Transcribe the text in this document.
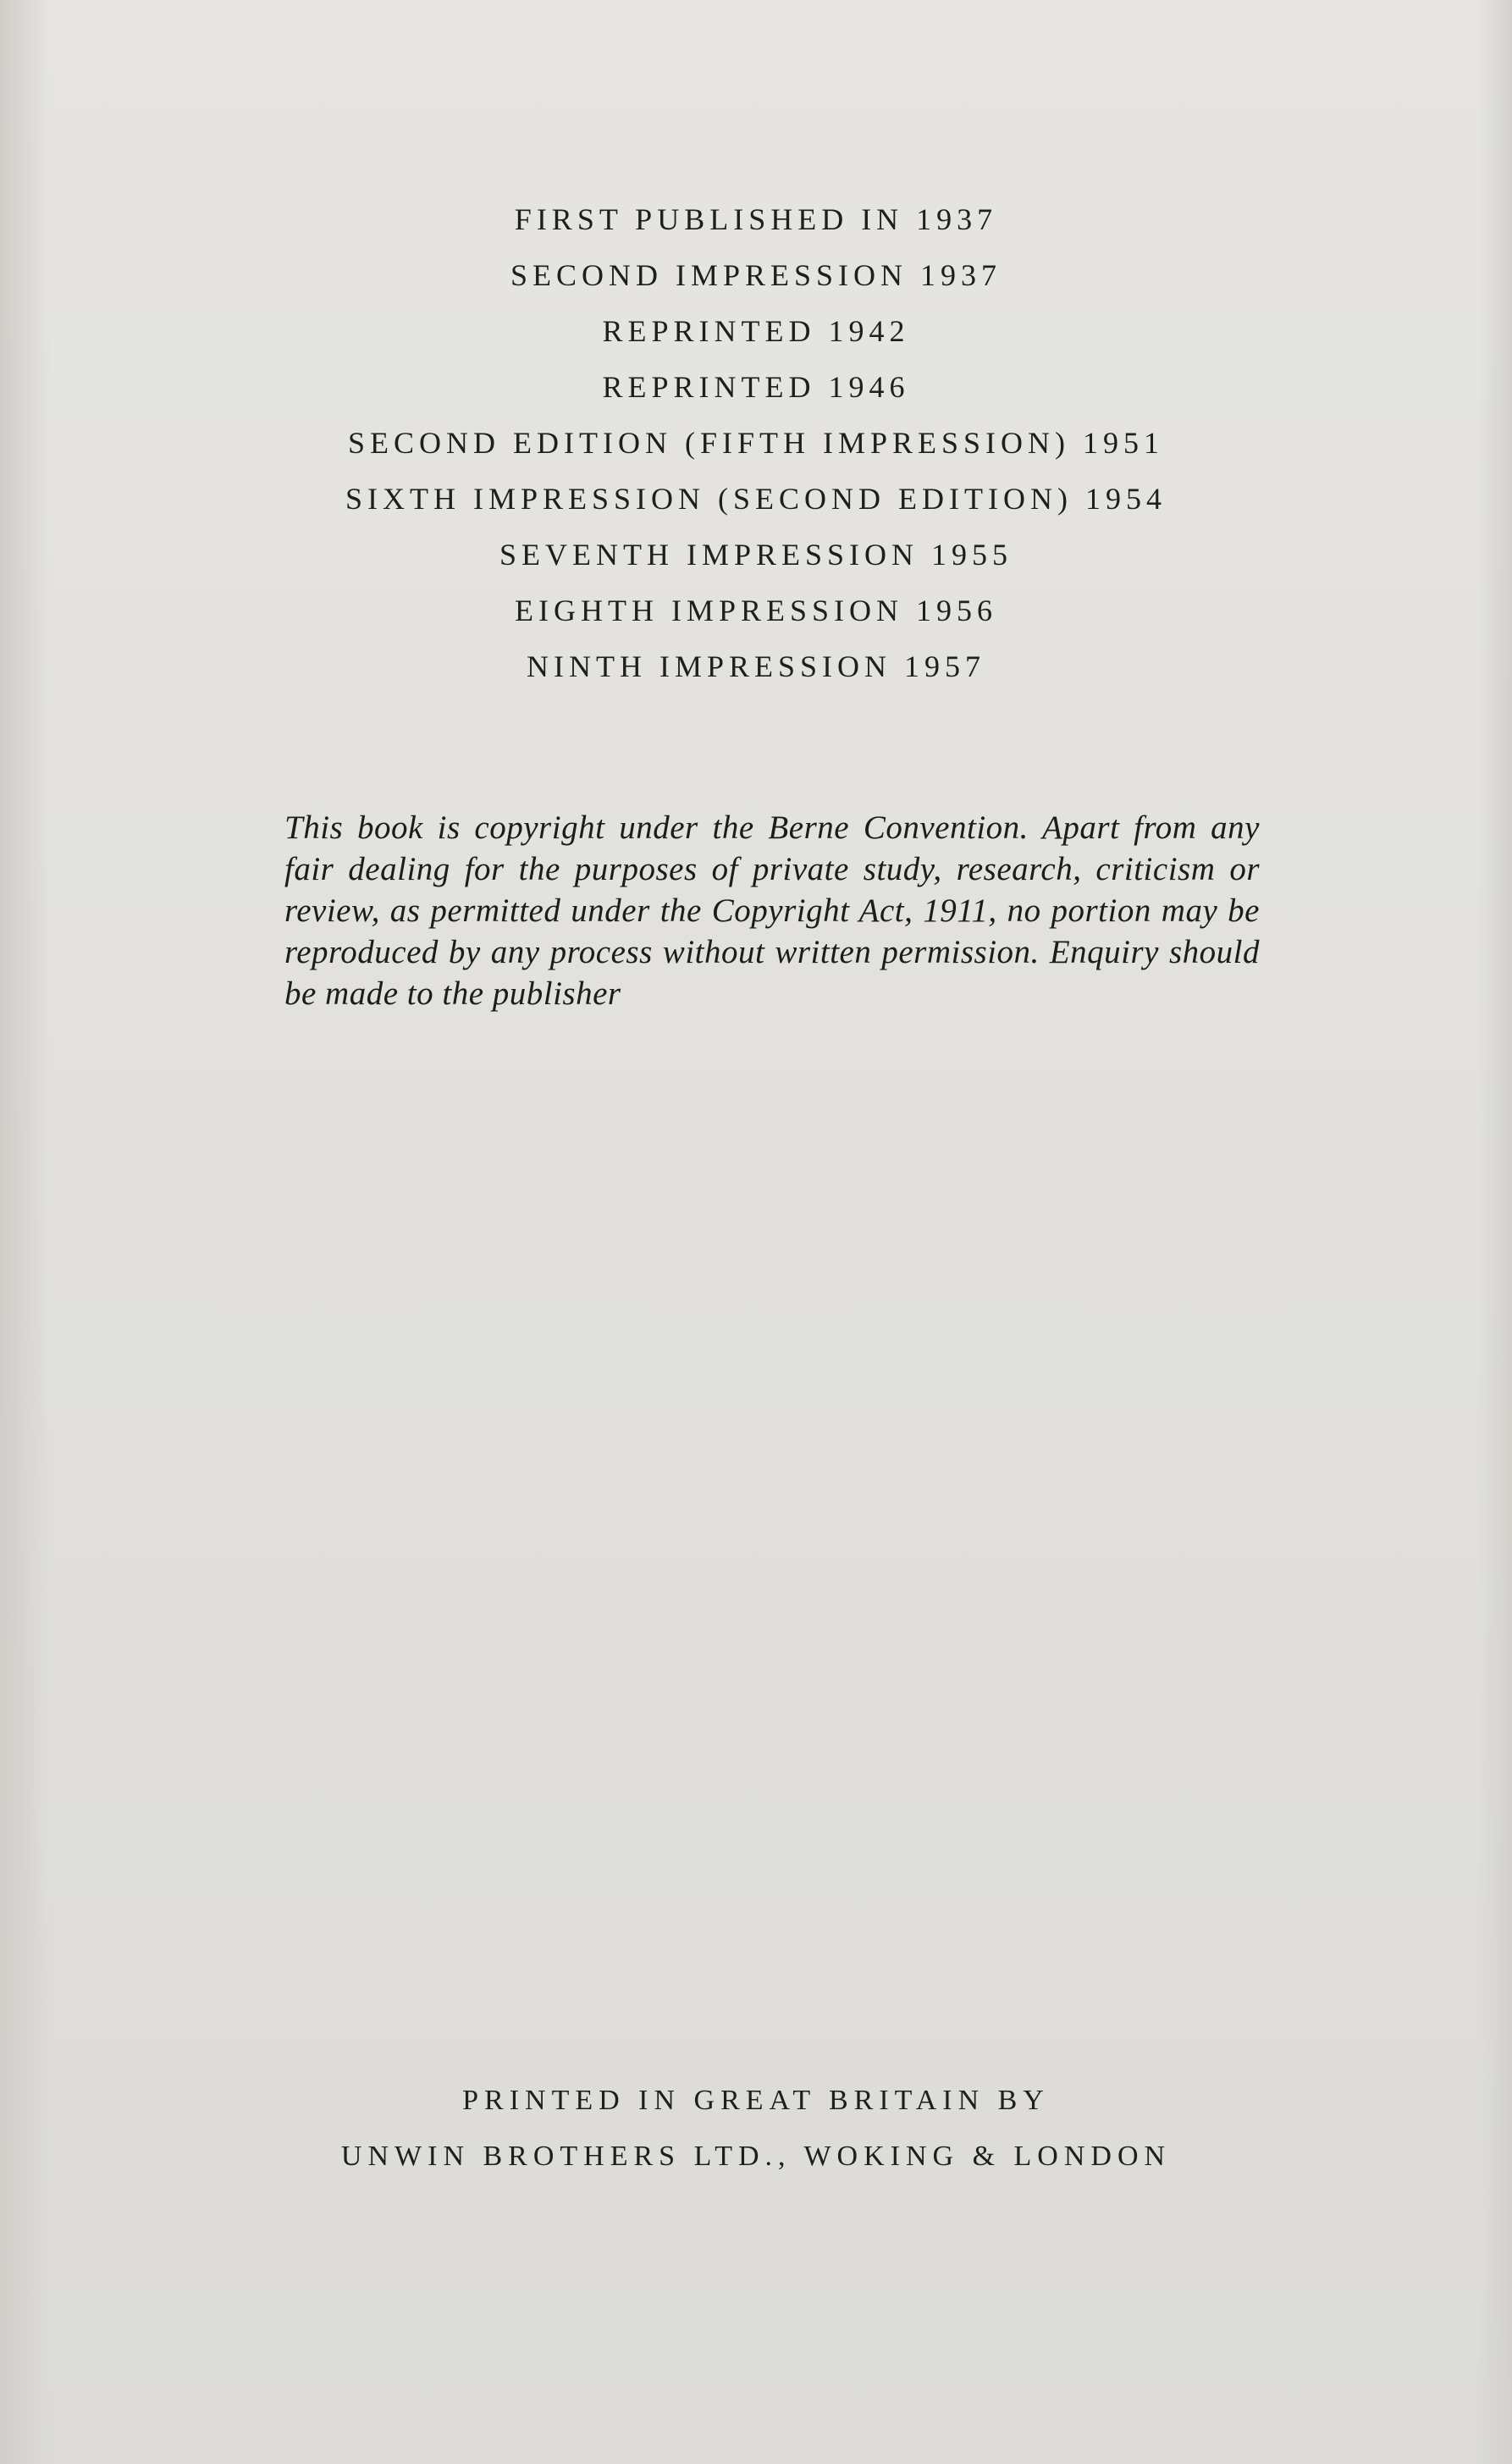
FIRST PUBLISHED IN 1937
SECOND IMPRESSION 1937
REPRINTED 1942
REPRINTED 1946
SECOND EDITION (FIFTH IMPRESSION) 1951
SIXTH IMPRESSION (SECOND EDITION) 1954
SEVENTH IMPRESSION 1955
EIGHTH IMPRESSION 1956
NINTH IMPRESSION 1957

This book is copyright under the Berne Convention. Apart from any fair dealing for the purposes of private study, research, criticism or review, as permitted under the Copyright Act, 1911, no portion may be reproduced by any process without written permission. Enquiry should be made to the publisher

PRINTED IN GREAT BRITAIN BY
UNWIN BROTHERS LTD., WOKING & LONDON
